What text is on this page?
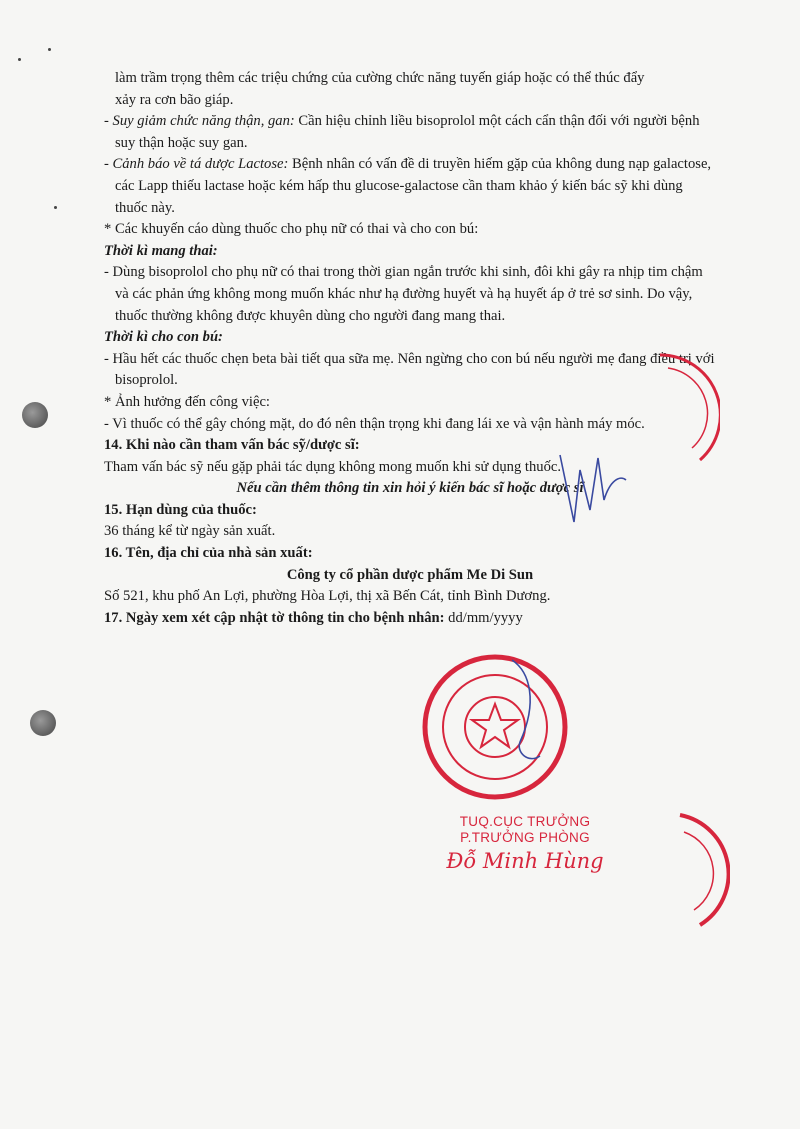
làm trầm trọng thêm các triệu chứng của cường chức năng tuyến giáp hoặc có thể thúc đẩy

xảy ra cơn bão giáp.

- Suy giảm chức năng thận, gan: Cần hiệu chỉnh liều bisoprolol một cách cẩn thận đối với người bệnh suy thận hoặc suy gan.

- Cảnh báo về tá dược Lactose: Bệnh nhân có vấn đề di truyền hiếm gặp của không dung nạp galactose, các Lapp thiếu lactase hoặc kém hấp thu glucose-galactose cần tham khảo ý kiến bác sỹ khi dùng thuốc này.

* Các khuyến cáo dùng thuốc cho phụ nữ có thai và cho con bú:

Thời kì mang thai:

- Dùng bisoprolol cho phụ nữ có thai trong thời gian ngắn trước khi sinh, đôi khi gây ra nhịp tim chậm và các phản ứng không mong muốn khác như hạ đường huyết và hạ huyết áp ở trẻ sơ sinh. Do vậy, thuốc thường không được khuyên dùng cho người đang mang thai.

Thời kì cho con bú:

- Hầu hết các thuốc chẹn beta bài tiết qua sữa mẹ. Nên ngừng cho con bú nếu người mẹ đang điều trị với bisoprolol.

* Ảnh hưởng đến công việc:

- Vì thuốc có thể gây chóng mặt, do đó nên thận trọng khi đang lái xe và vận hành máy móc.

14. Khi nào cần tham vấn bác sỹ/dược sĩ:

Tham vấn bác sỹ nếu gặp phải tác dụng không mong muốn khi sử dụng thuốc.

Nếu cần thêm thông tin xin hỏi ý kiến bác sĩ hoặc dược sĩ

15. Hạn dùng của thuốc:

36 tháng kể từ ngày sản xuất.

16. Tên, địa chỉ của nhà sản xuất:

Công ty cổ phần dược phẩm Me Di Sun

Số 521, khu phố An Lợi, phường Hòa Lợi, thị xã Bến Cát, tỉnh Bình Dương.

17. Ngày xem xét cập nhật tờ thông tin cho bệnh nhân: dd/mm/yyyy

TUQ.CỤC TRƯỞNG
P.TRƯỞNG PHÒNG
Đỗ Minh Hùng
